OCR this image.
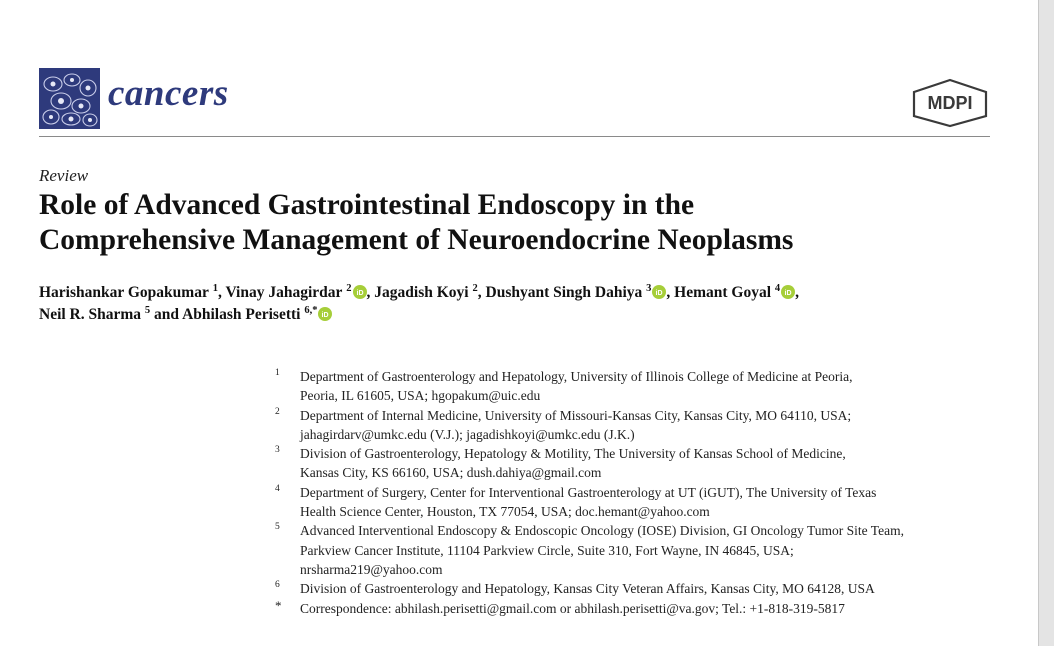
cancers	MDPI
Review
Role of Advanced Gastrointestinal Endoscopy in the
Comprehensive Management of Neuroendocrine Neoplasms
Harishankar Gopakumar $^1$, Vinay Jahagirdar $^2$ iD , Jagadish Koyi $^2$, Dushyant Singh Dahiya $^3$ iD , Hemant Goyal $^4$ iD ,
Neil R. Sharma $^5$ and Abhilash Perisetti $^{6,*}$ iD
1 Department of Gastroenterology and Hepatology, University of Illinois College of Medicine at Peoria,
Peoria, IL 61605, USA; hgopakum@uic.edu
2 Department of Internal Medicine, University of Missouri-Kansas City, Kansas City, MO 64110, USA;
jahagirdarv@umkc.edu (V.J.); jagadishkoyi@umkc.edu (J.K.)
3 Division of Gastroenterology, Hepatology & Motility, The University of Kansas School of Medicine,
Kansas City, KS 66160, USA; dush.dahiya@gmail.com
4 Department of Surgery, Center for Interventional Gastroenterology at UT (iGUT), The University of Texas
Health Science Center, Houston, TX 77054, USA; doc.hemant@yahoo.com
5 Advanced Interventional Endoscopy & Endoscopic Oncology (IOSE) Division, GI Oncology Tumor Site Team,
Parkview Cancer Institute, 11104 Parkview Circle, Suite 310, Fort Wayne, IN 46845, USA;
nrsharma219@yahoo.com
6 Division of Gastroenterology and Hepatology, Kansas City Veteran Affairs, Kansas City, MO 64128, USA
* Correspondence: abhilash.perisetti@gmail.com or abhilash.perisetti@va.gov; Tel.: +1-818-319-5817
